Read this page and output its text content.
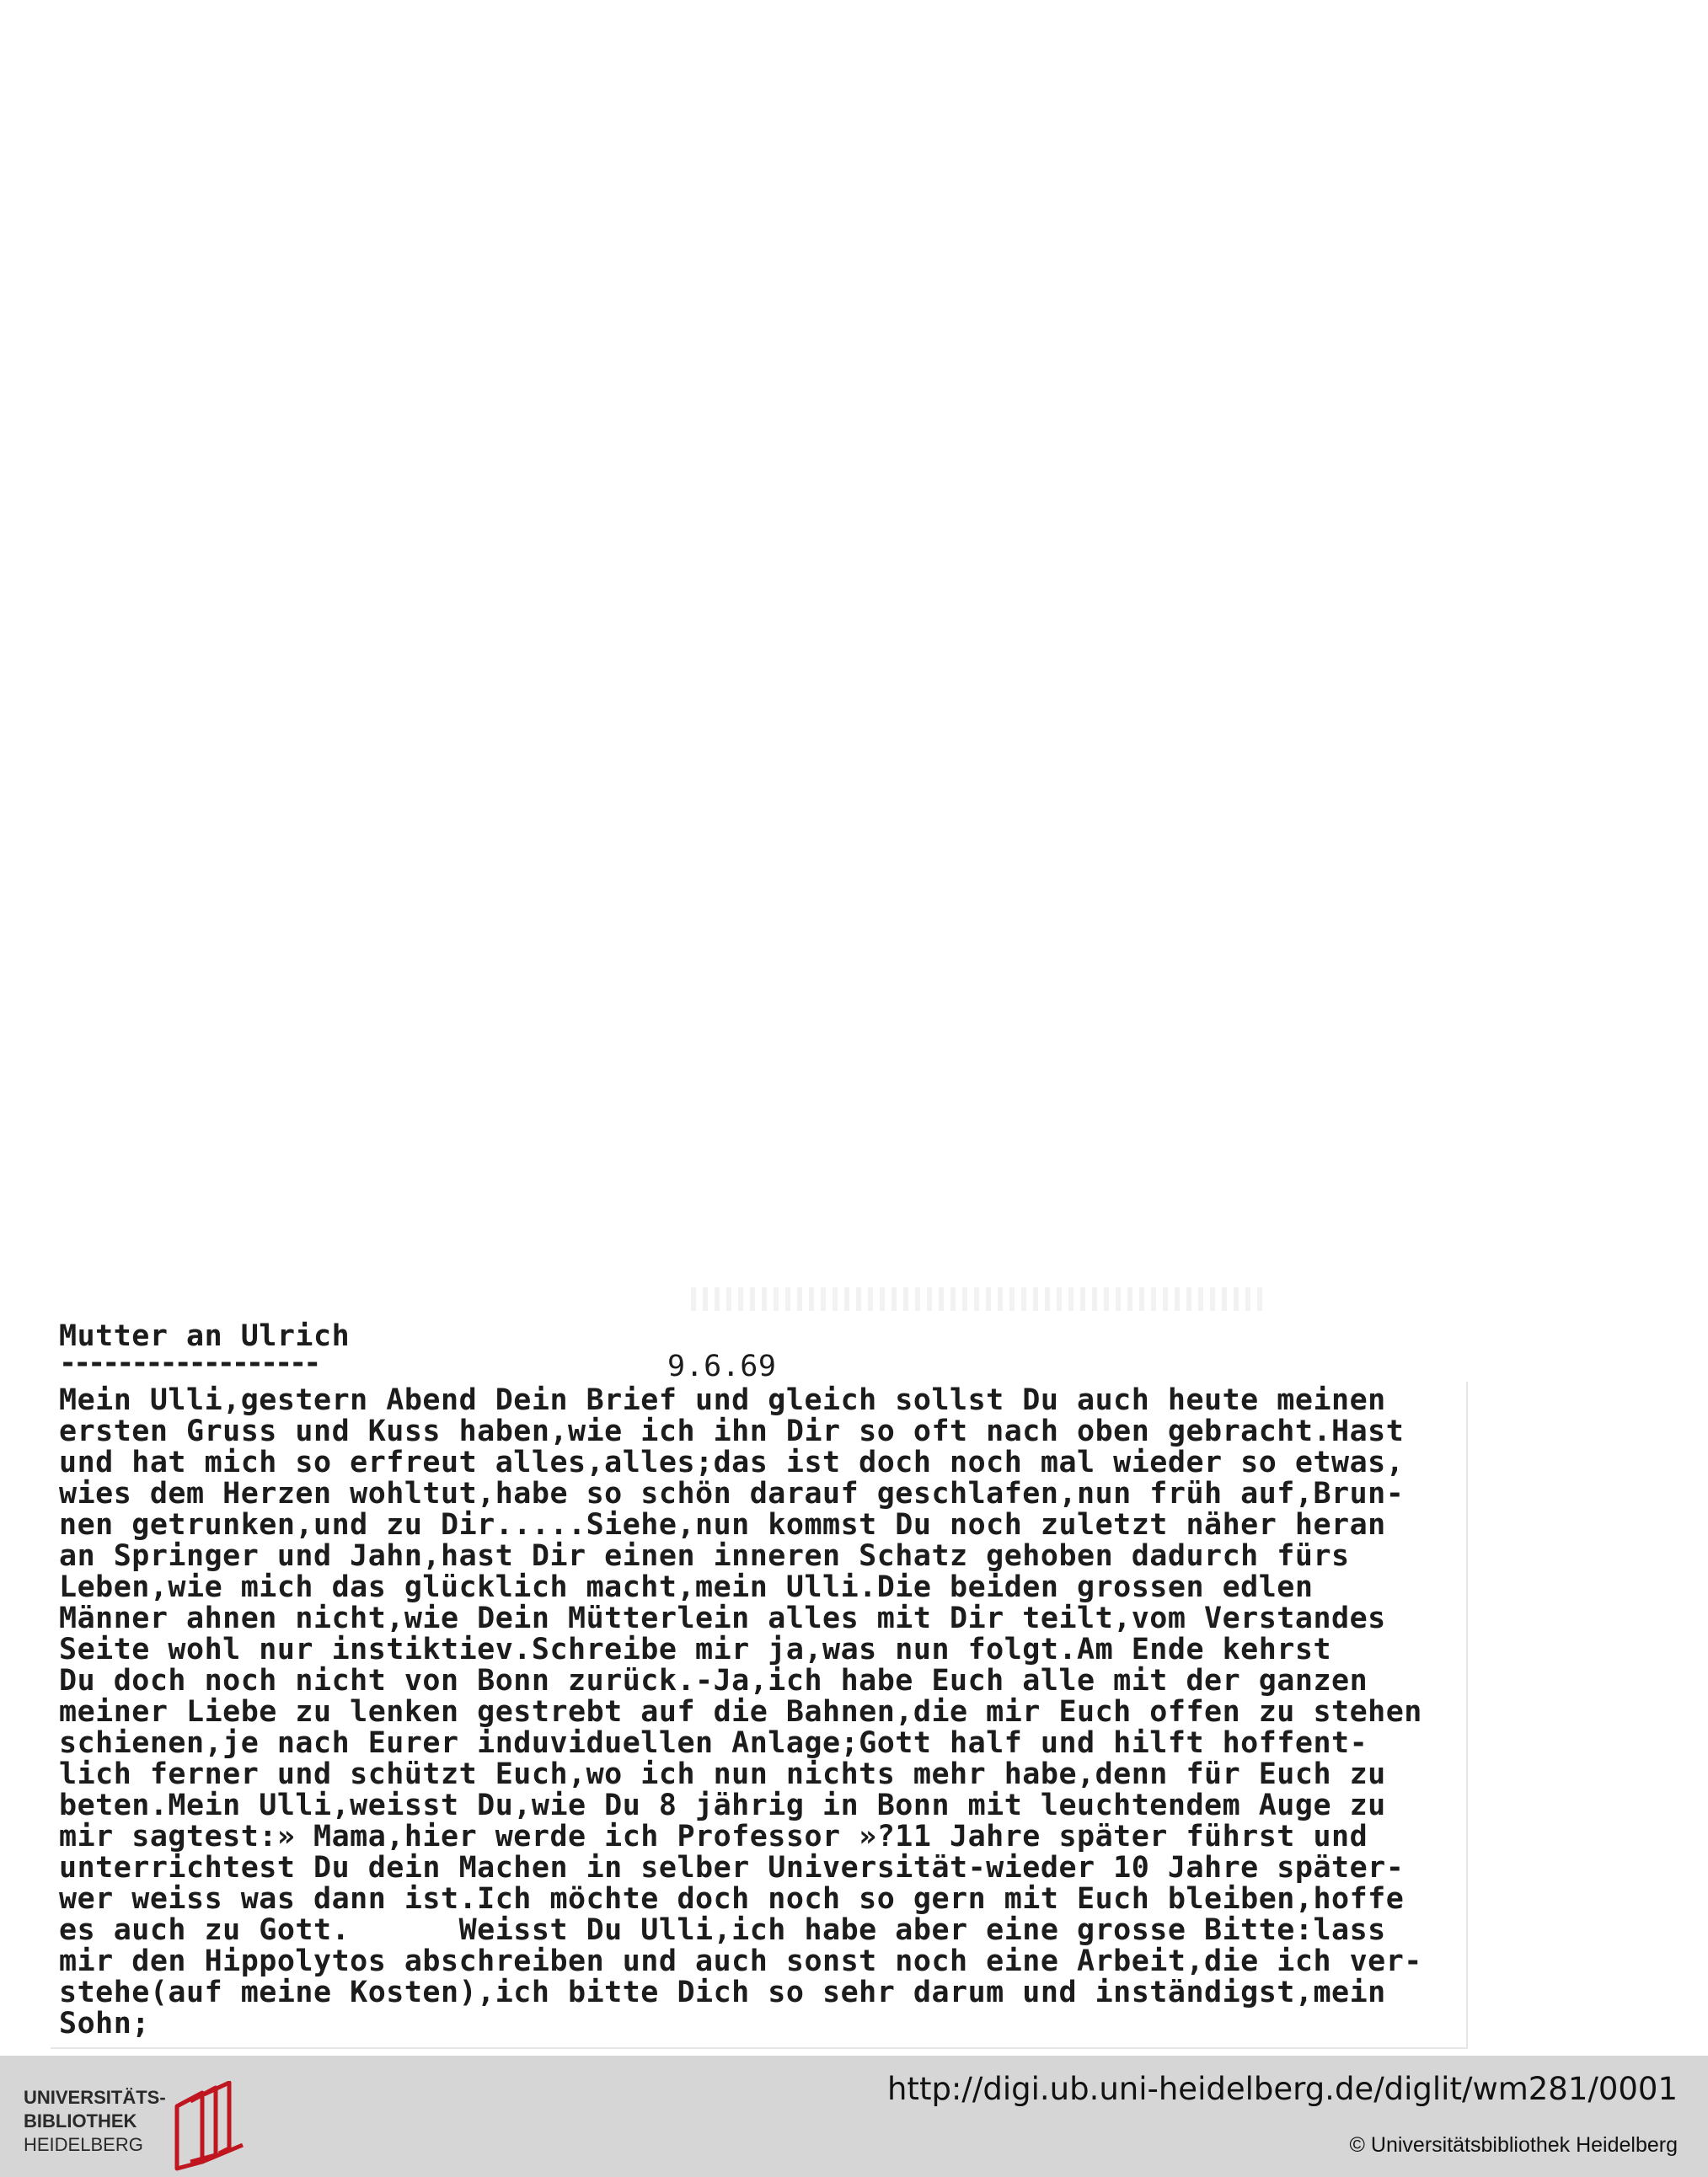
Mutter an Ulrich
------------------	9.6.69
Mein Ulli,gestern Abend Dein Brief und gleich sollst Du auch heute meinen
ersten Gruss und Kuss haben,wie ich ihn Dir so oft nach oben gebracht.Hast
und hat mich so erfreut alles,alles;das ist doch noch mal wieder so etwas,
wies dem Herzen wohltut,habe so schön darauf geschlafen,nun früh auf,Brun-
nen getrunken,und zu Dir.....Siehe,nun kommst Du noch zuletzt näher heran
an Springer und Jahn,hast Dir einen inneren Schatz gehoben dadurch fürs
Leben,wie mich das glücklich macht,mein Ulli.Die beiden grossen edlen
Männer ahnen nicht,wie Dein Mütterlein alles mit Dir teilt,vom Verstandes
Seite wohl nur instiktiev.Schreibe mir ja,was nun folgt.Am Ende kehrst
Du doch noch nicht von Bonn zurück.-Ja,ich habe Euch alle mit der ganzen
meiner Liebe zu lenken gestrebt auf die Bahnen,die mir Euch offen zu stehen
schienen,je nach Eurer induviduellen Anlage;Gott half und hilft hoffent-
lich ferner und schützt Euch,wo ich nun nichts mehr habe,denn für Euch zu
beten.Mein Ulli,weisst Du,wie Du 8 jährig in Bonn mit leuchtendem Auge zu
mir sagtest:» Mama,hier werde ich Professor »?11 Jahre später führst und
unterrichtest Du dein Machen in selber Universität-wieder 10 Jahre später-
wer weiss was dann ist.Ich möchte doch noch so gern mit Euch bleiben,hoffe
es auch zu Gott.      Weisst Du Ulli,ich habe aber eine grosse Bitte:lass
mir den Hippolytos abschreiben und auch sonst noch eine Arbeit,die ich ver-
stehe(auf meine Kosten),ich bitte Dich so sehr darum und inständigst,mein
Sohn;
UNIVERSITÄTS-
BIBLIOTHEK
HEIDELBERG
http://digi.ub.uni-heidelberg.de/diglit/wm281/0001
© Universitätsbibliothek Heidelberg
